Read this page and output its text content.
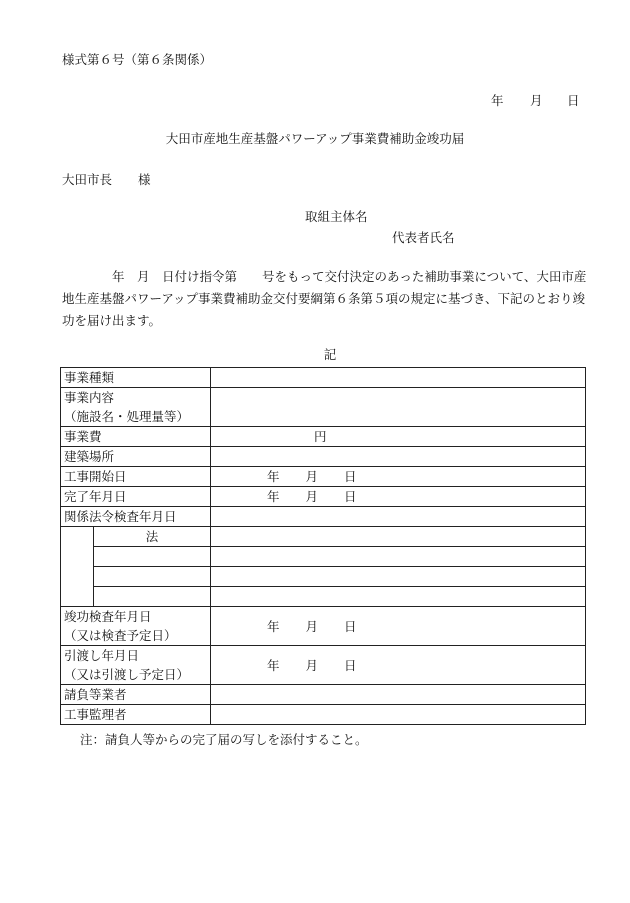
様式第６号（第６条関係）
年 月 日
大田市産地生産基盤パワーアップ事業費補助金竣功届
大田市長 様
取組主体名
代表者氏名
年　月　日付け指令第　　号をもって交付決定のあった補助事業について、大田市産地生産基盤パワーアップ事業費補助金交付要綱第６条第５項の規定に基づき、下記のとおり竣功を届け出ます。
記
事業種類		
事業内容
（施設名・処理量等）		
事業費		円
建築場所		
工事開始日		年 月 日
完了年月日		年 月 日
関係法令検査年月日		
	法	

竣功検査年月日
（又は検査予定日）		年 月 日
引渡し年月日
（又は引渡し予定日）		年 月 日
請負等業者		
工事監理者		
注：請負人等からの完了届の写しを添付すること。
